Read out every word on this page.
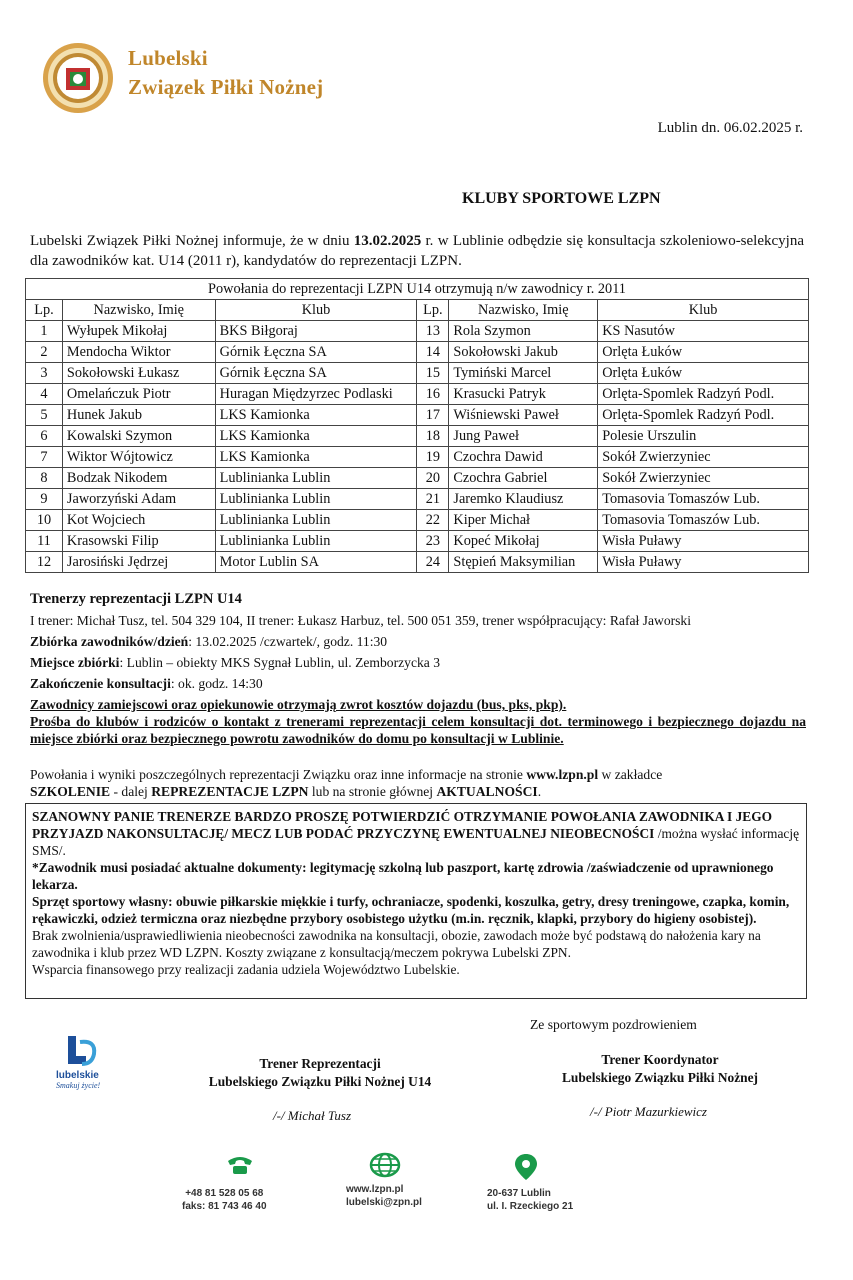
Lubelski
Związek Piłki Nożnej
Lublin dn. 06.02.2025 r.
KLUBY SPORTOWE LZPN
Lubelski Związek Piłki Nożnej informuje, że w dniu 13.02.2025 r. w Lublinie odbędzie się konsultacja szkoleniowo-selekcyjna dla zawodników kat. U14 (2011 r), kandydatów do reprezentacji LZPN.
Powołania do reprezentacji LZPN U14 otrzymują n/w zawodnicy r. 2011					
Lp.	Nazwisko, Imię	Klub	Lp.	Nazwisko, Imię	Klub
1	Wyłupek Mikołaj	BKS Biłgoraj	13	Rola Szymon	KS Nasutów
2	Mendocha Wiktor	Górnik Łęczna SA	14	Sokołowski Jakub	Orlęta Łuków
3	Sokołowski Łukasz	Górnik Łęczna SA	15	Tymiński Marcel	Orlęta Łuków
4	Omelańczuk Piotr	Huragan Międzyrzec Podlaski	16	Krasucki Patryk	Orlęta-Spomlek Radzyń Podl.
5	Hunek Jakub	LKS Kamionka	17	Wiśniewski Paweł	Orlęta-Spomlek Radzyń Podl.
6	Kowalski Szymon	LKS Kamionka	18	Jung Paweł	Polesie Urszulin
7	Wiktor Wójtowicz	LKS Kamionka	19	Czochra Dawid	Sokół Zwierzyniec
8	Bodzak Nikodem	Lublinianka Lublin	20	Czochra Gabriel	Sokół Zwierzyniec
9	Jaworzyński Adam	Lublinianka Lublin	21	Jaremko Klaudiusz	Tomasovia Tomaszów Lub.
10	Kot Wojciech	Lublinianka Lublin	22	Kiper Michał	Tomasovia Tomaszów Lub.
11	Krasowski Filip	Lublinianka Lublin	23	Kopeć Mikołaj	Wisła Puławy
12	Jarosiński Jędrzej	Motor Lublin SA	24	Stępień Maksymilian	Wisła Puławy
Trenerzy reprezentacji LZPN U14
I trener: Michał Tusz, tel. 504 329 104, II trener: Łukasz Harbuz, tel. 500 051 359, trener współpracujący: Rafał Jaworski
Zbiórka zawodników/dzień: 13.02.2025 /czwartek/, godz. 11:30
Miejsce zbiórki: Lublin – obiekty MKS Sygnał Lublin, ul. Zemborzycka 3
Zakończenie konsultacji: ok. godz. 14:30
Zawodnicy zamiejscowi oraz opiekunowie otrzymają zwrot kosztów dojazdu (bus, pks, pkp).
Prośba do klubów i rodziców o kontakt z trenerami reprezentacji celem konsultacji dot. terminowego i bezpiecznego dojazdu na miejsce zbiórki oraz bezpiecznego powrotu zawodników do domu po konsultacji w Lublinie.
Powołania i wyniki poszczególnych reprezentacji Związku oraz inne informacje na stronie www.lzpn.pl w zakładce
SZKOLENIE - dalej REPREZENTACJE LZPN lub na stronie głównej AKTUALNOŚCI.
SZANOWNY PANIE TRENERZE BARDZO PROSZĘ POTWIERDZIĆ OTRZYMANIE POWOŁANIA ZAWODNIKA I JEGO PRZYJAZD NAKONSULTACJĘ/ MECZ LUB PODAĆ PRZYCZYNĘ EWENTUALNEJ NIEOBECNOŚCI /można wysłać informację SMS/.
*Zawodnik musi posiadać aktualne dokumenty: legitymację szkolną lub paszport, kartę zdrowia /zaświadczenie od uprawnionego lekarza.
Sprzęt sportowy własny: obuwie piłkarskie miękkie i turfy, ochraniacze, spodenki, koszulka, getry, dresy treningowe, czapka, komin, rękawiczki, odzież termiczna oraz niezbędne przybory osobistego użytku (m.in. ręcznik, klapki, przybory do higieny osobistej).
Brak zwolnienia/usprawiedliwienia nieobecności zawodnika na konsultacji, obozie, zawodach może być podstawą do nałożenia kary na zawodnika i klub przez WD LZPN. Koszty związane z konsultacją/meczem pokrywa Lubelski ZPN.
Wsparcia finansowego przy realizacji zadania udziela Województwo Lubelskie.
Ze sportowym pozdrowieniem
lubelskie
Smakuj życie!
Trener Reprezentacji
Lubelskiego Związku Piłki Nożnej U14
/-/ Michał Tusz
Trener Koordynator
Lubelskiego Związku Piłki Nożnej
/-/ Piotr Mazurkiewicz
+48 81 528 05 68
faks: 81 743 46 40
www.lzpn.pl
lubelski@zpn.pl
20-637 Lublin
ul. I. Rzeckiego 21
